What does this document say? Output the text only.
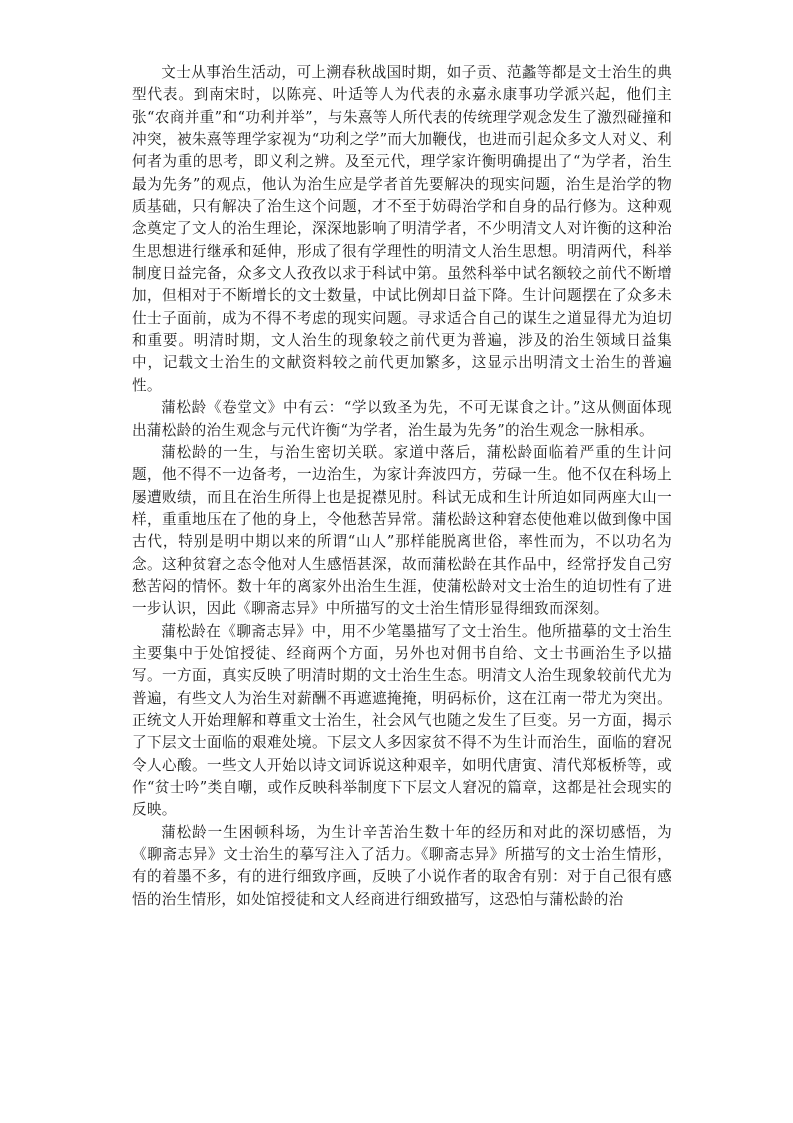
文士从事治生活动，可上溯春秋战国时期，如子贡、范蠡等都是文士治生的典型代表。到南宋时，以陈亮、叶适等人为代表的永嘉永康事功学派兴起，他们主张“农商并重”和“功利并举”，与朱熹等人所代表的传统理学观念发生了激烈碰撞和冲突，被朱熹等理学家视为“功利之学”而大加鞭伐，也进而引起众多文人对义、利何者为重的思考，即义利之辨。及至元代，理学家许衡明确提出了“为学者，治生最为先务”的观点，他认为治生应是学者首先要解决的现实问题，治生是治学的物质基础，只有解决了治生这个问题，才不至于妨碍治学和自身的品行修为。这种观念奠定了文人的治生理论，深深地影响了明清学者，不少明清文人对许衡的这种治生思想进行继承和延伸，形成了很有学理性的明清文人治生思想。明清两代，科举制度日益完备，众多文人孜孜以求于科试中第。虽然科举中试名额较之前代不断增加，但相对于不断增长的文士数量，中试比例却日益下降。生计问题摆在了众多未仕士子面前，成为不得不考虑的现实问题。寻求适合自己的谋生之道显得尤为迫切和重要。明清时期，文人治生的现象较之前代更为普遍，涉及的治生领域日益集中，记载文士治生的文献资料较之前代更加繁多，这显示出明清文士治生的普遍性。

蒲松龄《卷堂文》中有云：“学以致圣为先，不可无谋食之计。”这从侧面体现出蒲松龄的治生观念与元代许衡“为学者，治生最为先务”的治生观念一脉相承。

蒲松龄的一生，与治生密切关联。家道中落后，蒲松龄面临着严重的生计问题，他不得不一边备考，一边治生，为家计奔波四方，劳碌一生。他不仅在科场上屡遭败绩，而且在治生所得上也是捉襟见肘。科试无成和生计所迫如同两座大山一样，重重地压在了他的身上，令他愁苦异常。蒲松龄这种窘态使他难以做到像中国古代，特别是明中期以来的所谓“山人”那样能脱离世俗，率性而为，不以功名为念。这种贫窘之态令他对人生感悟甚深，故而蒲松龄在其作品中，经常抒发自己穷愁苦闷的情怀。数十年的离家外出治生生涯，使蒲松龄对文士治生的迫切性有了进一步认识，因此《聊斋志异》中所描写的文士治生情形显得细致而深刻。

蒲松龄在《聊斋志异》中，用不少笔墨描写了文士治生。他所描摹的文士治生主要集中于处馆授徒、经商两个方面，另外也对佣书自给、文士书画治生予以描写。一方面，真实反映了明清时期的文士治生生态。明清文人治生现象较前代尤为普遍，有些文人为治生对薪酬不再遮遮掩掩，明码标价，这在江南一带尤为突出。正统文人开始理解和尊重文士治生，社会风气也随之发生了巨变。另一方面，揭示了下层文士面临的艰难处境。下层文人多因家贫不得不为生计而治生，面临的窘况令人心酸。一些文人开始以诗文词诉说这种艰辛，如明代唐寅、清代郑板桥等，或作“贫士吟”类自嘲，或作反映科举制度下下层文人窘况的篇章，这都是社会现实的反映。

蒲松龄一生困顿科场，为生计辛苦治生数十年的经历和对此的深切感悟，为《聊斋志异》文士治生的摹写注入了活力。《聊斋志异》所描写的文士治生情形，有的着墨不多，有的进行细致序画，反映了小说作者的取舍有别：对于自己很有感悟的治生情形，如处馆授徒和文人经商进行细致描写，这恐怕与蒲松龄的治
